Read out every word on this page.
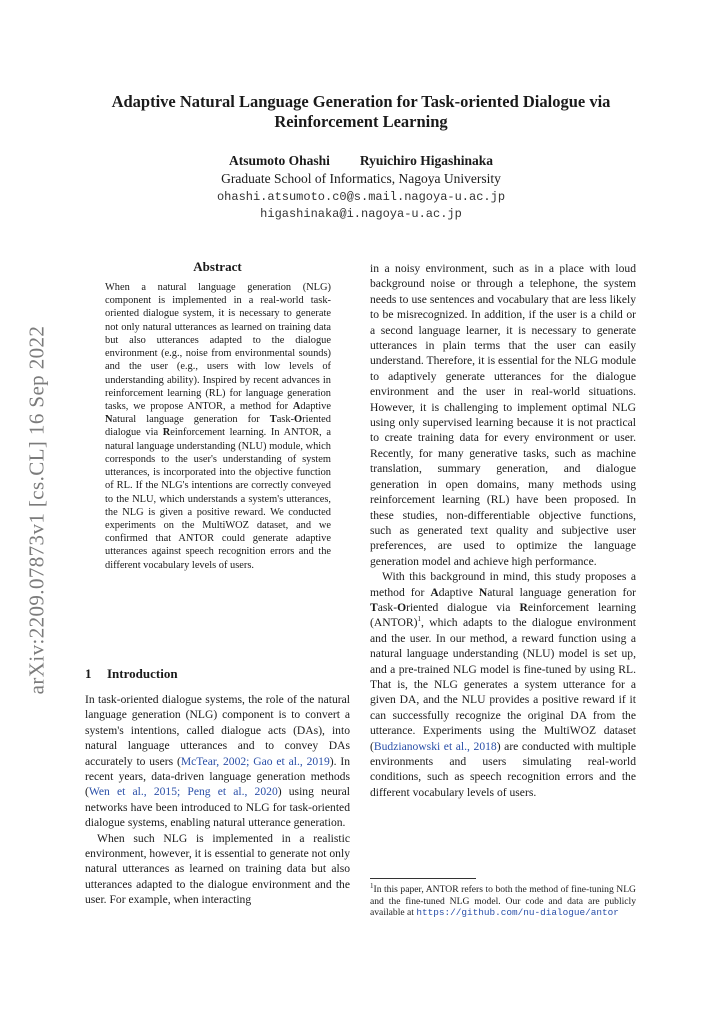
arXiv:2209.07873v1 [cs.CL] 16 Sep 2022
Adaptive Natural Language Generation for Task-oriented Dialogue via
Reinforcement Learning
Atsumoto Ohashi Ryuichiro Higashinaka
Graduate School of Informatics, Nagoya University
ohashi.atsumoto.c0@s.mail.nagoya-u.ac.jp
higashinaka@i.nagoya-u.ac.jp
Abstract
When a natural language generation (NLG) component is implemented in a real-world task-oriented dialogue system, it is necessary to generate not only natural utterances as learned on training data but also utterances adapted to the dialogue environment (e.g., noise from environmental sounds) and the user (e.g., users with low levels of understanding ability). Inspired by recent advances in reinforcement learning (RL) for language generation tasks, we propose ANTOR, a method for Adaptive Natural language generation for Task-Oriented dialogue via Reinforcement learning. In ANTOR, a natural language understanding (NLU) module, which corresponds to the user's understanding of system utterances, is incorporated into the objective function of RL. If the NLG's intentions are correctly conveyed to the NLU, which understands a system's utterances, the NLG is given a positive reward. We conducted experiments on the MultiWOZ dataset, and we confirmed that ANTOR could generate adaptive utterances against speech recognition errors and the different vocabulary levels of users.
1 Introduction

In task-oriented dialogue systems, the role of the natural language generation (NLG) component is to convert a system's intentions, called dialogue acts (DAs), into natural language utterances and to convey DAs accurately to users (McTear, 2002; Gao et al., 2019). In recent years, data-driven language generation methods (Wen et al., 2015; Peng et al., 2020) using neural networks have been introduced to NLG for task-oriented dialogue systems, enabling natural utterance generation.

When such NLG is implemented in a realistic environment, however, it is essential to generate not only natural utterances as learned on training data but also utterances adapted to the dialogue environment and the user. For example, when interacting

in a noisy environment, such as in a place with loud background noise or through a telephone, the system needs to use sentences and vocabulary that are less likely to be misrecognized. In addition, if the user is a child or a second language learner, it is necessary to generate utterances in plain terms that the user can easily understand. Therefore, it is essential for the NLG module to adaptively generate utterances for the dialogue environment and the user in real-world situations. However, it is challenging to implement optimal NLG using only supervised learning because it is not practical to create training data for every environment or user. Recently, for many generative tasks, such as machine translation, summary generation, and dialogue generation in open domains, many methods using reinforcement learning (RL) have been proposed. In these studies, non-differentiable objective functions, such as generated text quality and subjective user preferences, are used to optimize the language generation model and achieve high performance.

With this background in mind, this study proposes a method for Adaptive Natural language generation for Task-Oriented dialogue via Reinforcement learning (ANTOR)$^1$, which adapts to the dialogue environment and the user. In our method, a reward function using a natural language understanding (NLU) model is set up, and a pre-trained NLG model is fine-tuned by using RL. That is, the NLG generates a system utterance for a given DA, and the NLU provides a positive reward if it can successfully recognize the original DA from the utterance. Experiments using the MultiWOZ dataset (Budzianowski et al., 2018) are conducted with multiple environments and users simulating real-world conditions, such as speech recognition errors and the different vocabulary levels of users.

$^1$In this paper, ANTOR refers to both the method of fine-tuning NLG and the fine-tuned NLG model. Our code and data are publicly available at https://github.com/nu-dialogue/antor
